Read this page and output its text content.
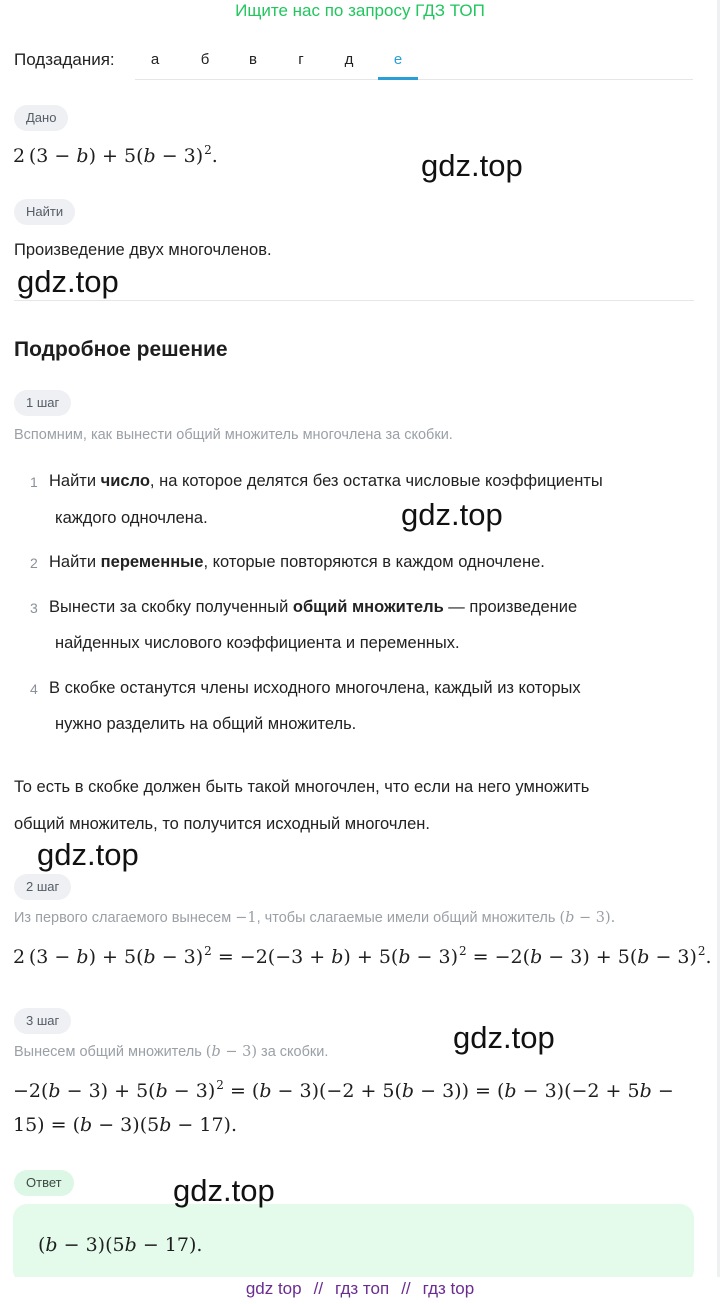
Ищите нас по запросу ГДЗ ТОП
Подзадания:	а	б	в	г	д	е
Дано
2 $(3 - b) + 5(b - 3)^2$.
Найти
Произведение двух многочленов.
Подробное решение
1 шаг
Вспомним, как вынести общий множитель многочлена за скобки.
1 Найти число, на которое делятся без остатка числовые коэффициенты
каждого одночлена.
2 Найти переменные, которые повторяются в каждом одночлене.
3 Вынести за скобку полученный общий множитель — произведение
найденных числового коэффициента и переменных.
4 В скобке останутся члены исходного многочлена, каждый из которых
нужно разделить на общий множитель.
То есть в скобке должен быть такой многочлен, что если на него умножить
общий множитель, то получится исходный многочлен.
2 шаг
Из первого слагаемого вынесем −1, чтобы слагаемые имели общий множитель (b − 3).
2 $(3 - b) + 5(b - 3)^2 = -2(-3 + b) + 5(b - 3)^2 = -2(b - 3) + 5(b - 3)^2$.
3 шаг
Вынесем общий множитель (b − 3) за скобки.
$-2(b - 3) + 5(b - 3)^2 = (b - 3)(-2 + 5(b - 3)) = (b - 3)(-2 + 5b$ −
15) = (b − 3)(5b − 17).
Ответ
(b − 3)(5b − 17).
gdz.top
gdz.top
gdz.top
gdz.top
gdz.top
gdz.top
gdz top // гдз топ // гдз top
